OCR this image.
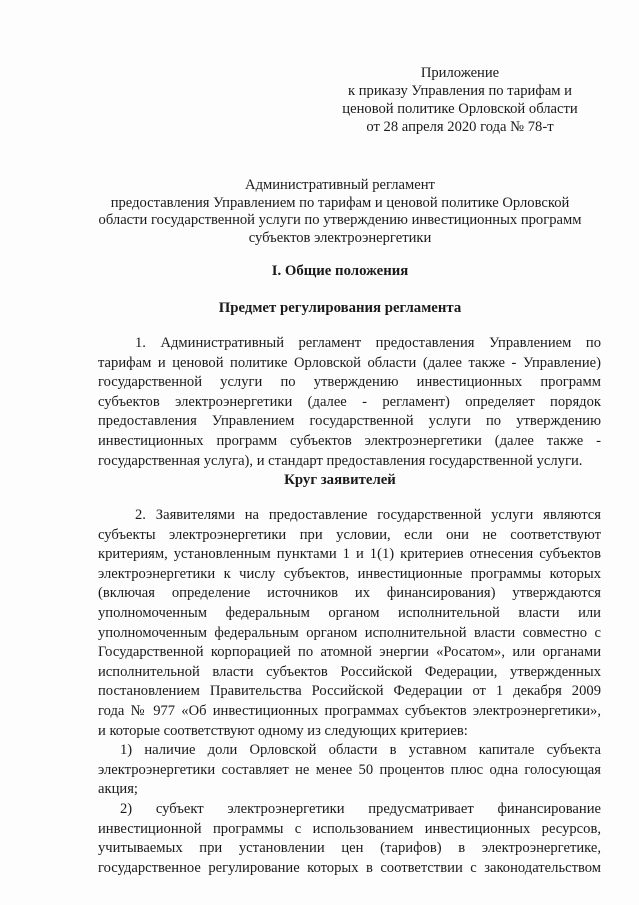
Приложение
к приказу Управления по тарифам и
ценовой политике Орловской области
от 28 апреля 2020 года № 78-т
Административный регламент
предоставления Управлением по тарифам и ценовой политике Орловской
области государственной услуги по утверждению инвестиционных программ
субъектов электроэнергетики
I. Общие положения
Предмет регулирования регламента
1. Административный регламент предоставления Управлением по
тарифам и ценовой политике Орловской области (далее также - Управление)
государственной услуги по утверждению инвестиционных программ
субъектов электроэнергетики (далее - регламент) определяет порядок
предоставления Управлением государственной услуги по утверждению
инвестиционных программ субъектов электроэнергетики (далее также -
государственная услуга), и стандарт предоставления государственной услуги.
Круг заявителей
2. Заявителями на предоставление государственной услуги являются
субъекты электроэнергетики при условии, если они не соответствуют
критериям, установленным пунктами 1 и 1(1) критериев отнесения субъектов
электроэнергетики к числу субъектов, инвестиционные программы которых
(включая определение источников их финансирования) утверждаются
уполномоченным федеральным органом исполнительной власти или
уполномоченным федеральным органом исполнительной власти совместно с
Государственной корпорацией по атомной энергии «Росатом», или органами
исполнительной власти субъектов Российской Федерации, утвержденных
постановлением Правительства Российской Федерации от 1 декабря 2009
года № 977 «Об инвестиционных программах субъектов электроэнергетики»,
и которые соответствуют одному из следующих критериев:
1) наличие доли Орловской области в уставном капитале субъекта
электроэнергетики составляет не менее 50 процентов плюс одна голосующая
акция;
2) субъект электроэнергетики предусматривает финансирование
инвестиционной программы с использованием инвестиционных ресурсов,
учитываемых при установлении цен (тарифов) в электроэнергетике,
государственное регулирование которых в соответствии с законодательством
